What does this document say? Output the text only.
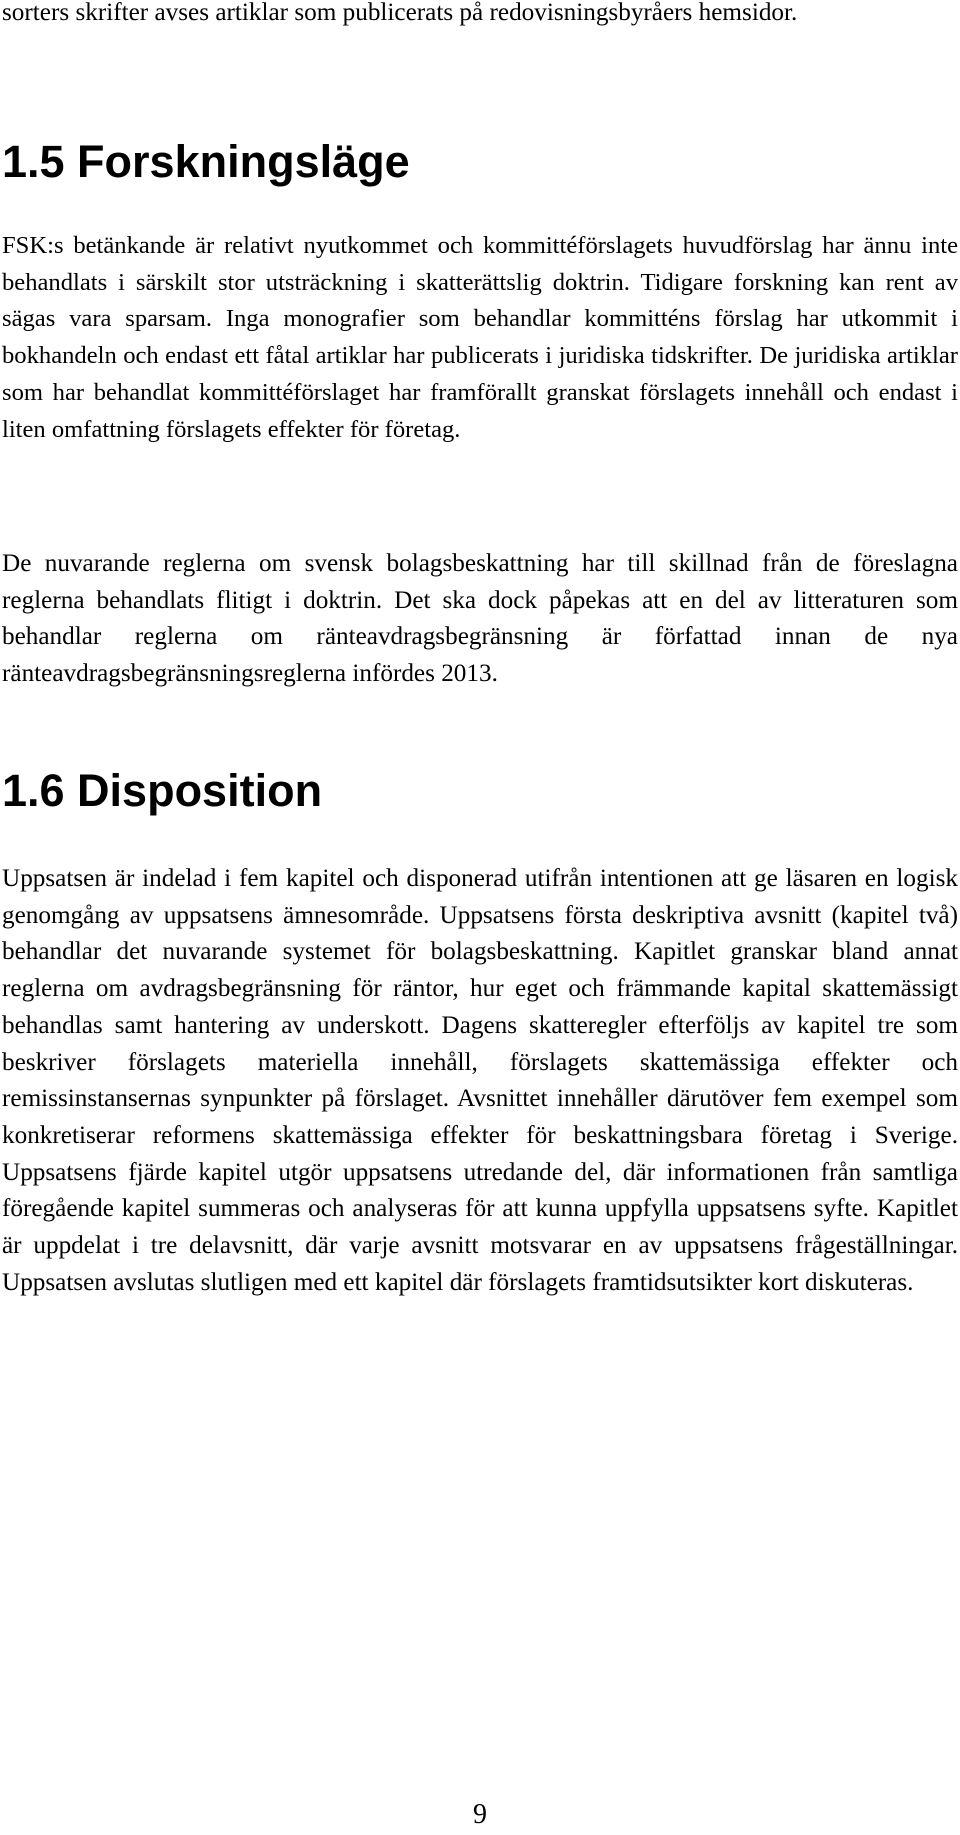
sorters skrifter avses artiklar som publicerats på redovisningsbyråers hemsidor.

1.5 Forskningsläge

FSK:s betänkande är relativt nyutkommet och kommittéförslagets huvudförslag har ännu inte behandlats i särskilt stor utsträckning i skatterättslig doktrin. Tidigare forskning kan rent av sägas vara sparsam. Inga monografier som behandlar kommitténs förslag har utkommit i bokhandeln och endast ett fåtal artiklar har publicerats i juridiska tidskrifter. De juridiska artiklar som har behandlat kommittéförslaget har framförallt granskat förslagets innehåll och endast i liten omfattning förslagets effekter för företag.

De nuvarande reglerna om svensk bolagsbeskattning har till skillnad från de föreslagna reglerna behandlats flitigt i doktrin. Det ska dock påpekas att en del av litteraturen som behandlar reglerna om ränteavdragsbegränsning är författad innan de nya ränteavdragsbegränsningsreglerna infördes 2013.

1.6 Disposition

Uppsatsen är indelad i fem kapitel och disponerad utifrån intentionen att ge läsaren en logisk genomgång av uppsatsens ämnesområde. Uppsatsens första deskriptiva avsnitt (kapitel två) behandlar det nuvarande systemet för bolagsbeskattning. Kapitlet granskar bland annat reglerna om avdragsbegränsning för räntor, hur eget och främmande kapital skattemässigt behandlas samt hantering av underskott. Dagens skatteregler efterföljs av kapitel tre som beskriver förslagets materiella innehåll, förslagets skattemässiga effekter och remissinstansernas synpunkter på förslaget. Avsnittet innehåller därutöver fem exempel som konkretiserar reformens skattemässiga effekter för beskattningsbara företag i Sverige. Uppsatsens fjärde kapitel utgör uppsatsens utredande del, där informationen från samtliga föregående kapitel summeras och analyseras för att kunna uppfylla uppsatsens syfte. Kapitlet är uppdelat i tre delavsnitt, där varje avsnitt motsvarar en av uppsatsens frågeställningar. Uppsatsen avslutas slutligen med ett kapitel där förslagets framtidsutsikter kort diskuteras.

9
